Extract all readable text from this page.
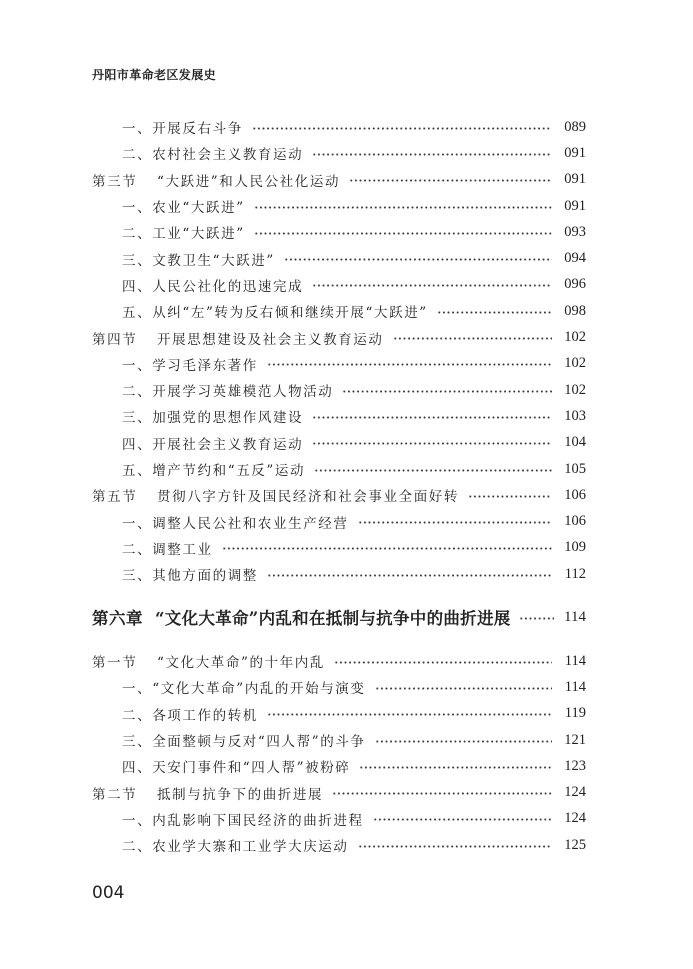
丹阳市革命老区发展史
一、开展反右斗争	089
二、农村社会主义教育运动	091
第三节	“大跃进”和人民公社化运动	091
一、农业“大跃进”	091
二、工业“大跃进”	093
三、文教卫生“大跃进”	094
四、人民公社化的迅速完成	096
五、从纠“左”转为反右倾和继续开展“大跃进”	098
第四节	开展思想建设及社会主义教育运动	102
一、学习毛泽东著作	102
二、开展学习英雄模范人物活动	102
三、加强党的思想作风建设	103
四、开展社会主义教育运动	104
五、增产节约和“五反”运动	105
第五节	贯彻八字方针及国民经济和社会事业全面好转	106
一、调整人民公社和农业生产经营	106
二、调整工业	109
三、其他方面的调整	112
第六章 “文化大革命”内乱和在抵制与抗争中的曲折进展	114
第一节	“文化大革命”的十年内乱	114
一、“文化大革命”内乱的开始与演变	114
二、各项工作的转机	119
三、全面整顿与反对“四人帮”的斗争	121
四、天安门事件和“四人帮”被粉碎	123
第二节	抵制与抗争下的曲折进展	124
一、内乱影响下国民经济的曲折进程	124
二、农业学大寨和工业学大庆运动	125
004
